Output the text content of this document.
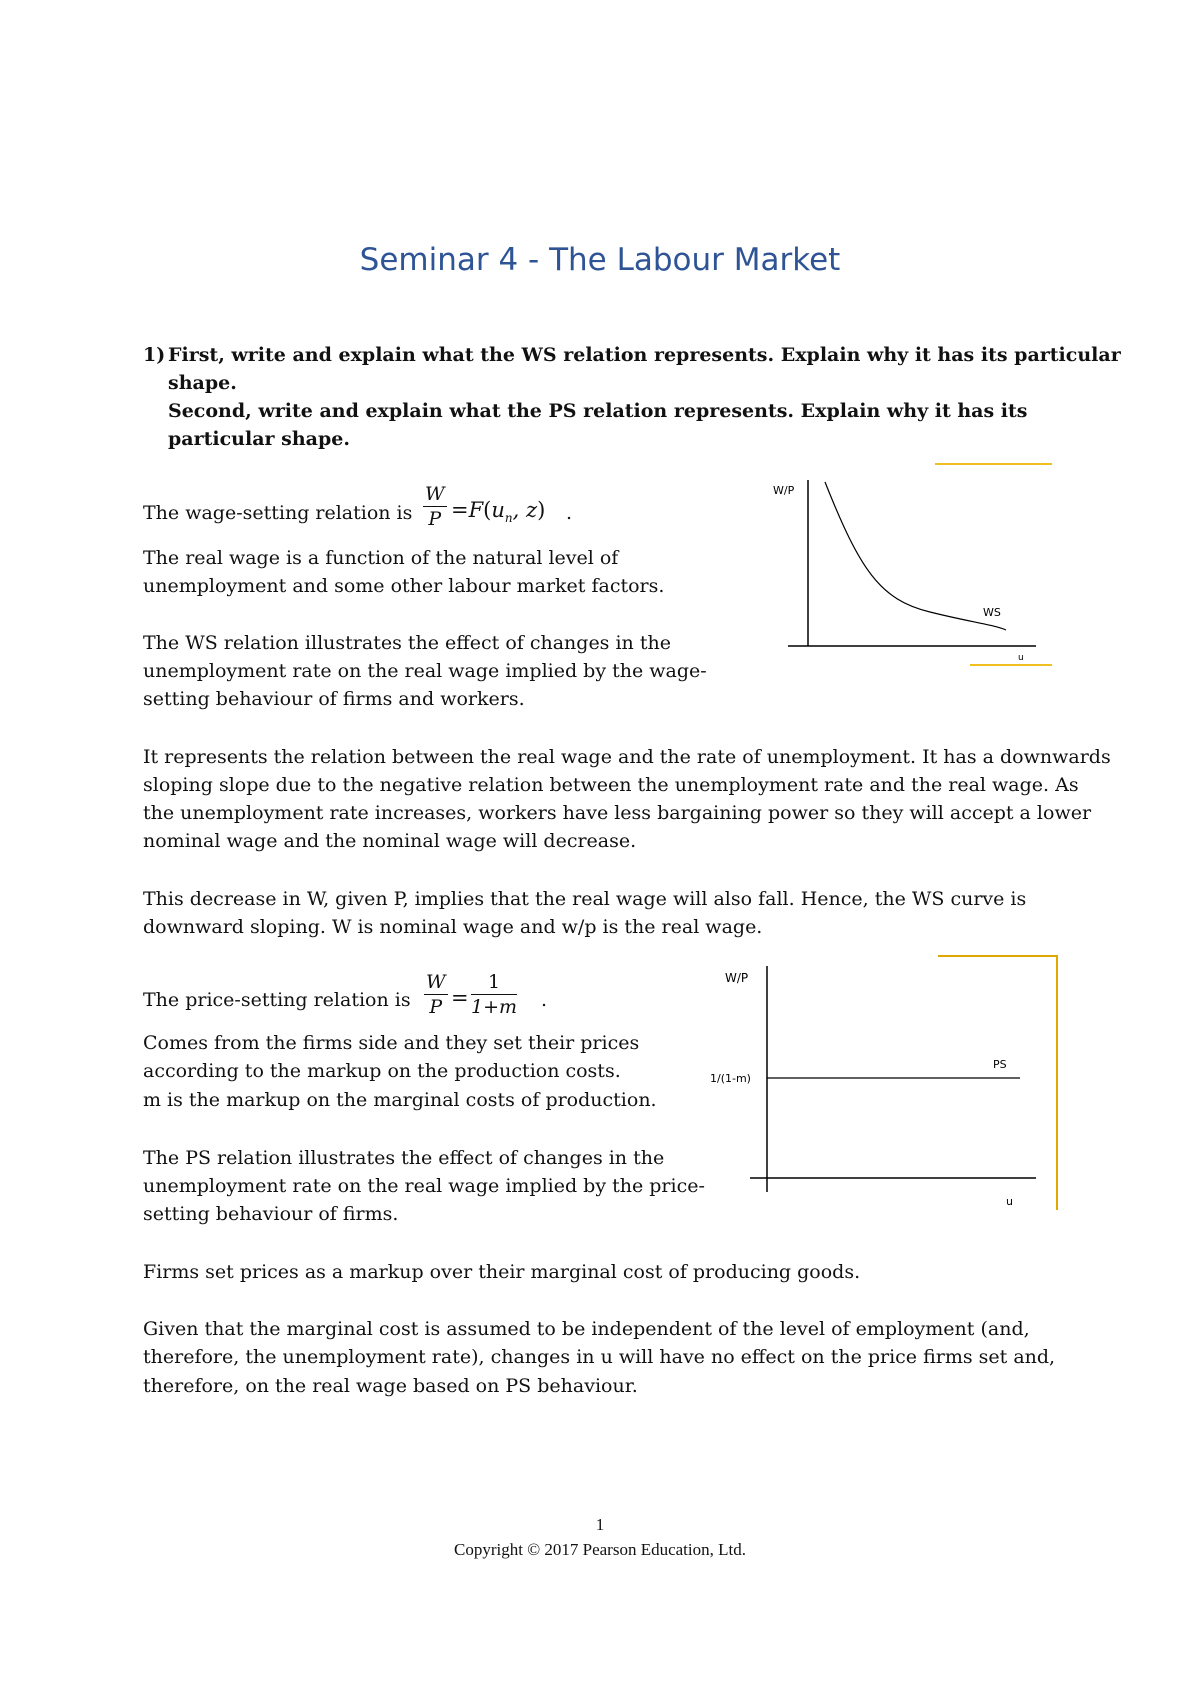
Seminar 4 - The Labour Market
1) First, write and explain what the WS relation represents. Explain why it has its particular
shape.
Second, write and explain what the PS relation represents. Explain why it has its
particular shape.
The wage-setting relation is $\frac{W}{P} =F(u_n$, z) .
The real wage is a function of the natural level of
unemployment and some other labour market factors.
The WS relation illustrates the effect of changes in the
unemployment rate on the real wage implied by the wage-
setting behaviour of firms and workers.
W/P
WS
u
It represents the relation between the real wage and the rate of unemployment. It has a downwards
sloping slope due to the negative relation between the unemployment rate and the real wage. As
the unemployment rate increases, workers have less bargaining power so they will accept a lower
nominal wage and the nominal wage will decrease.
This decrease in W, given P, implies that the real wage will also fall. Hence, the WS curve is
downward sloping. W is nominal wage and w/p is the real wage.
The price-setting relation is $\frac{W}{P} = \frac{1}{1+m}$ .
Comes from the firms side and they set their prices
according to the markup on the production costs.
m is the markup on the marginal costs of production.
The PS relation illustrates the effect of changes in the
unemployment rate on the real wage implied by the price-
setting behaviour of firms.
W/P
1/(1-m)
PS
u
Firms set prices as a markup over their marginal cost of producing goods.
Given that the marginal cost is assumed to be independent of the level of employment (and,
therefore, the unemployment rate), changes in u will have no effect on the price firms set and,
therefore, on the real wage based on PS behaviour.
1
Copyright © 2017 Pearson Education, Ltd.
